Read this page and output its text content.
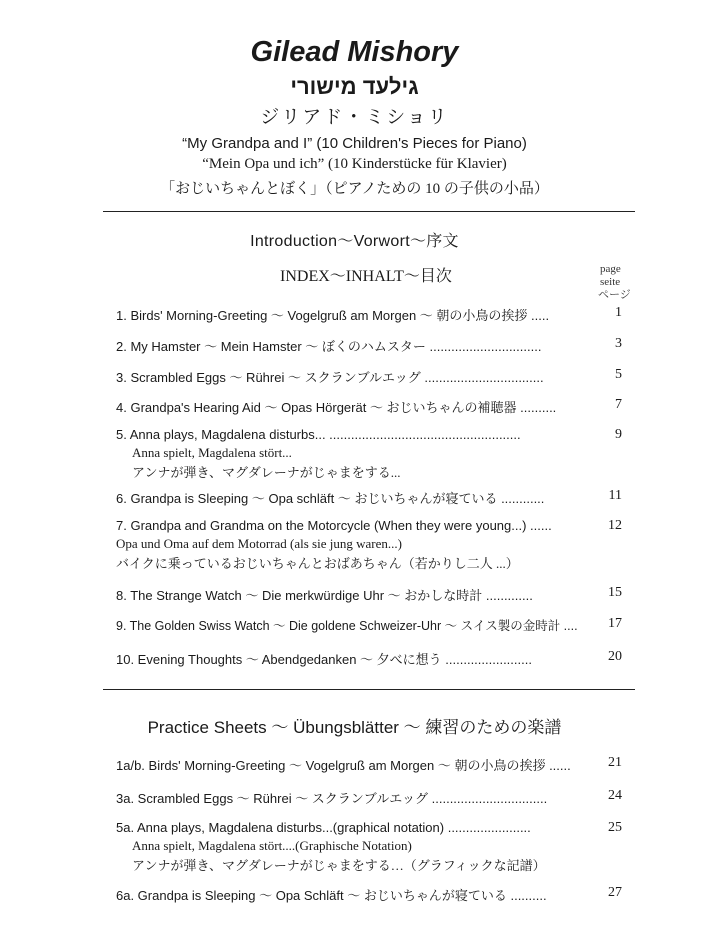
Gilead Mishory
גילעד מישורי
ジリアド・ミショリ
“My Grandpa and I” (10 Children's Pieces for Piano)
“Mein Opa und ich” (10 Kinderstücke für Klavier)
「おじいちゃんとぼく」（ピアノための 10 の子供の小品）
Introduction～Vorwort～序文
INDEX～INHALT～目次	page
seite
ページ
1. Birds' Morning-Greeting ～ Vogelgruß am Morgen ～ 朝の小鳥の挨拶 .....	1
2. My Hamster ～ Mein Hamster ～ ぼくのハムスター ...............................	3
3. Scrambled Eggs ～ Rührei ～ スクランブルエッグ .................................	5
4. Grandpa's Hearing Aid ～ Opas Hörgerät ～ おじいちゃんの補聴器 ..........	7
5. Anna plays, Magdalena disturbs... .....................................................	9
Anna spielt, Magdalena stört...
アンナが弾き、マグダレーナがじゃまをする...
6. Grandpa is Sleeping ～ Opa schläft ～ おじいちゃんが寝ている ............	11
7. Grandpa and Grandma on the Motorcycle (When they were young...) ......	12
Opa und Oma auf dem Motorrad (als sie jung waren...)
バイクに乗っているおじいちゃんとおばあちゃん（若かりし二人 ...）
8. The Strange Watch ～ Die merkwürdige Uhr ～ おかしな時計 .............	15
9. The Golden Swiss Watch ～ Die goldene Schweizer-Uhr ～ スイス製の金時計 ....	17
10. Evening Thoughts ～ Abendgedanken ～ 夕べに想う ........................	20
Practice Sheets ～ Übungsblätter ～ 練習のための楽譜
1a/b. Birds' Morning-Greeting ～ Vogelgruß am Morgen ～ 朝の小鳥の挨拶 ......	21
3a. Scrambled Eggs ～ Rührei ～ スクランブルエッグ ................................	24
5a. Anna plays, Magdalena disturbs...(graphical notation) .......................	25
Anna spielt, Magdalena stört....(Graphische Notation)
アンナが弾き、マグダレーナがじゃまをする…（グラフィックな記譜）
6a. Grandpa is Sleeping ～ Opa Schläft ～ おじいちゃんが寝ている ..........	27
